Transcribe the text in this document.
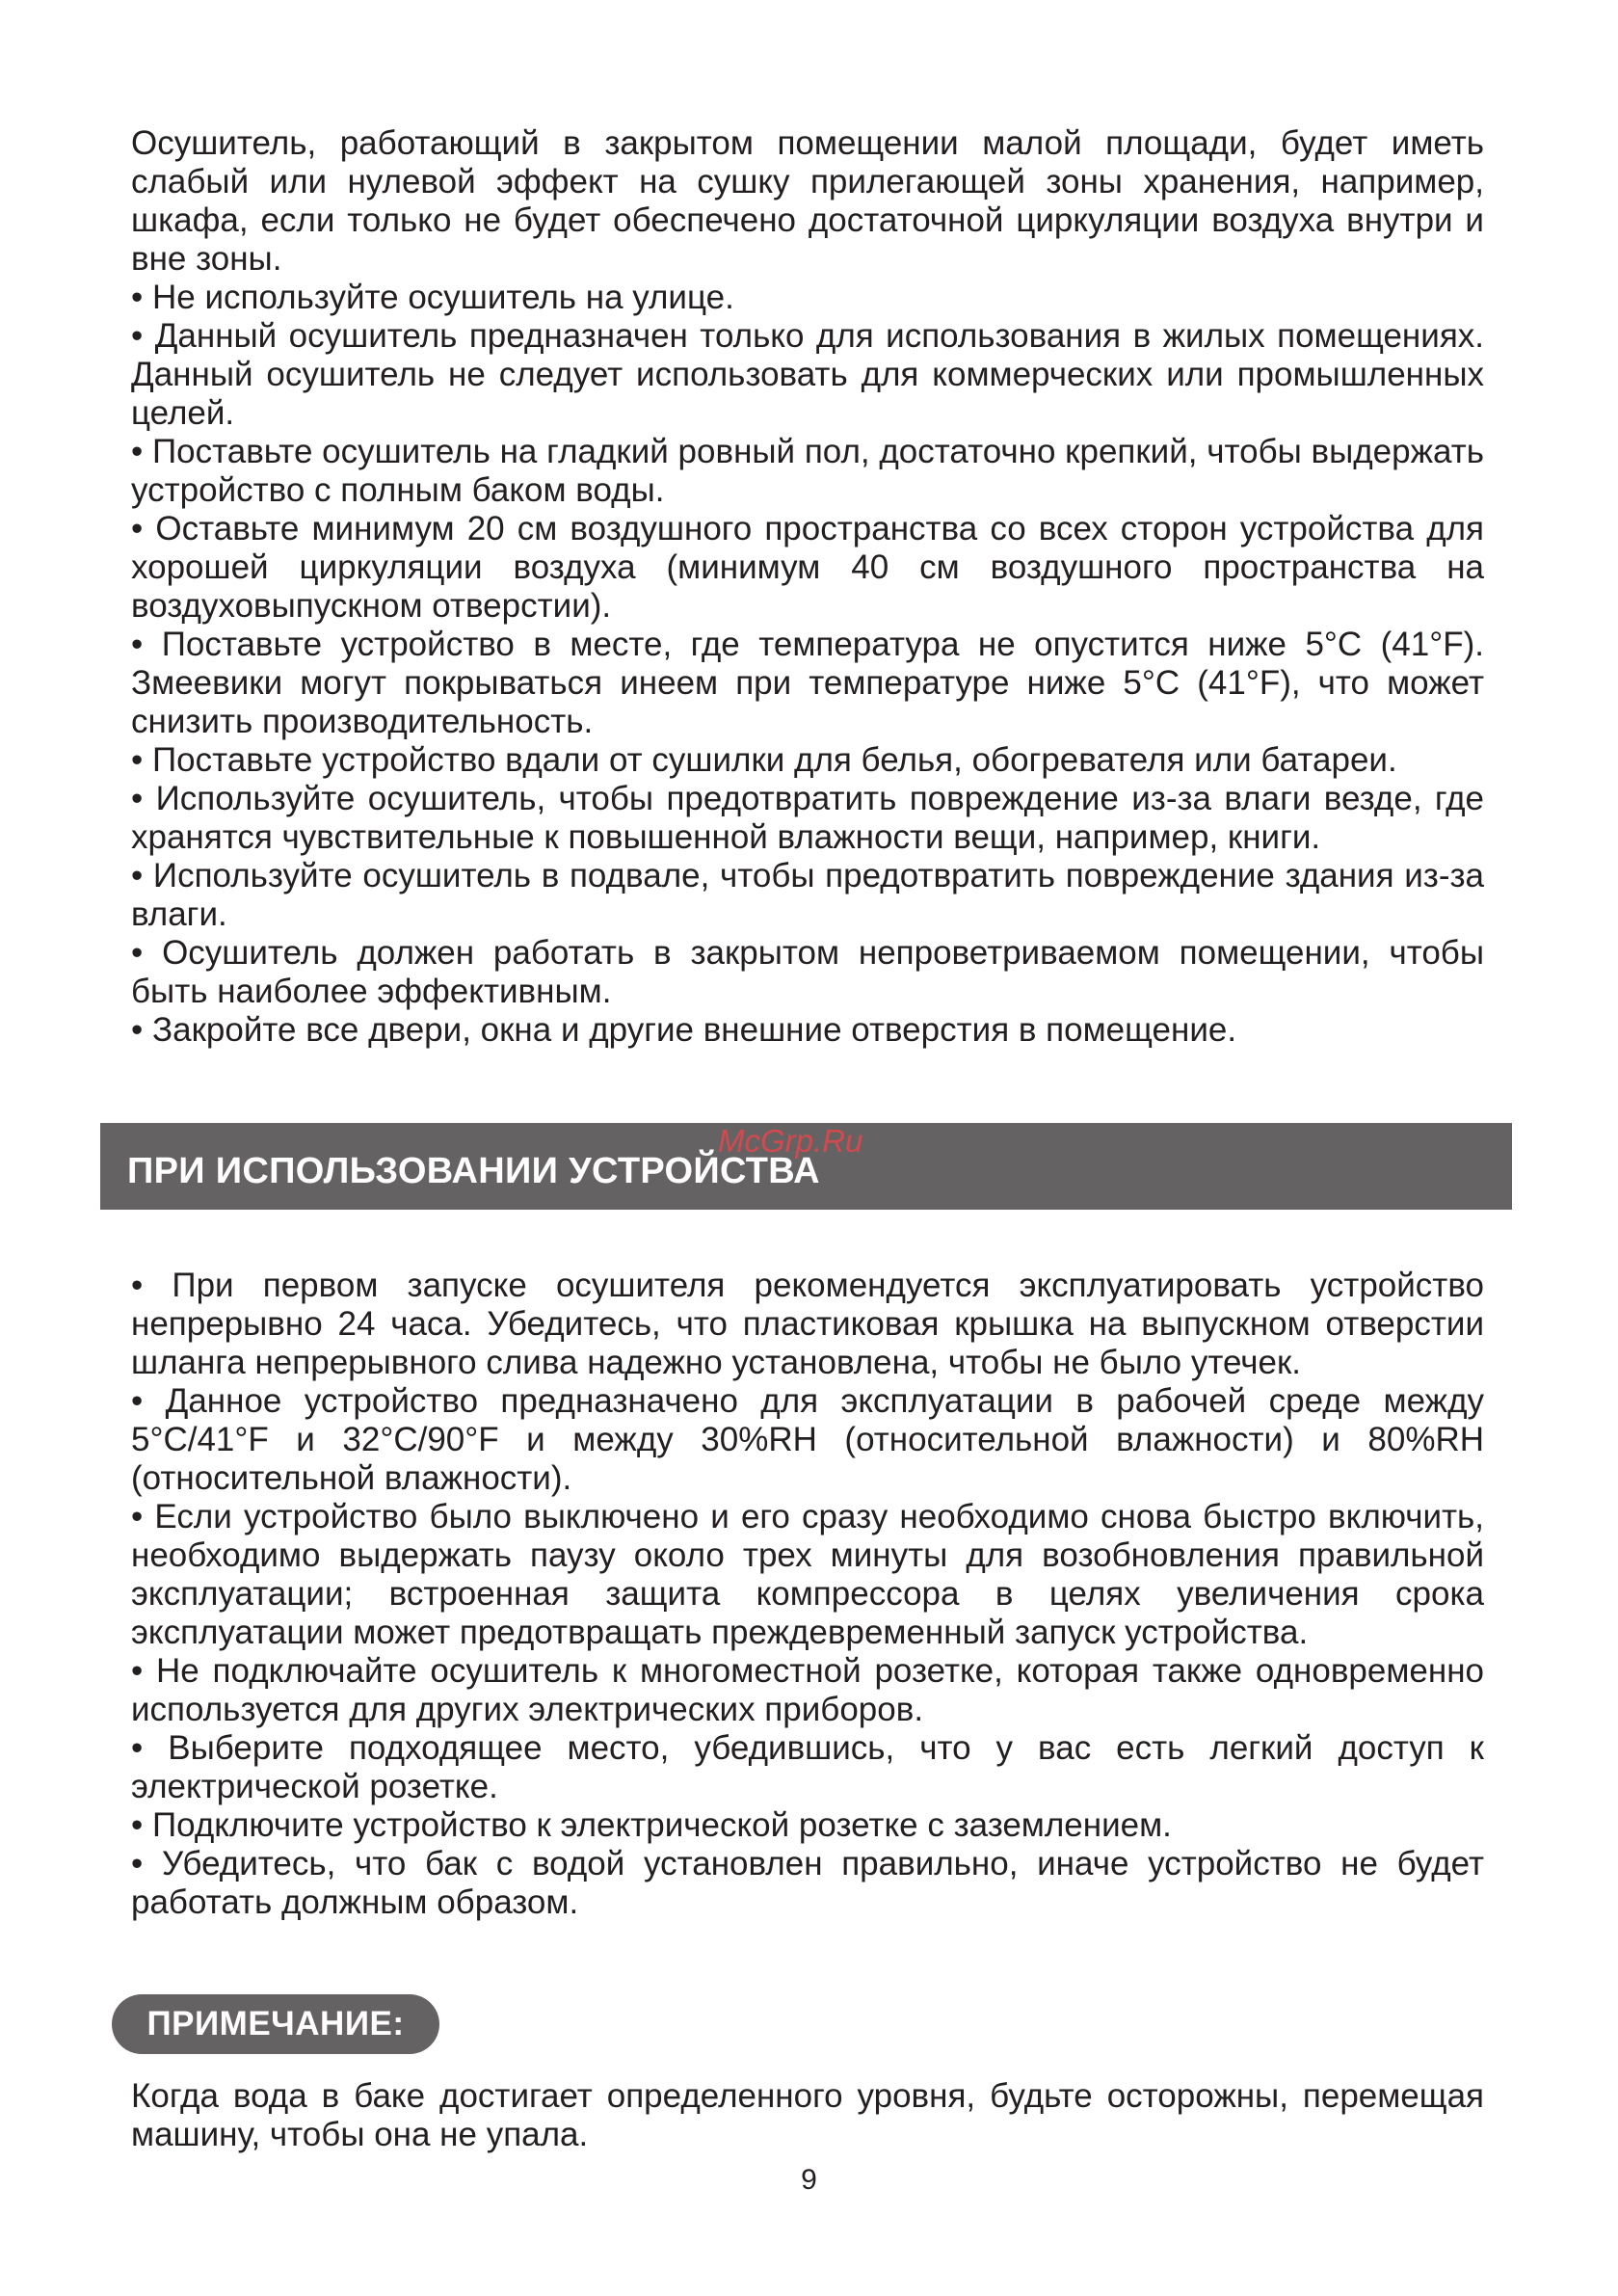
Осушитель, работающий в закрытом помещении малой площади, будет иметь слабый или нулевой эффект на сушку прилегающей зоны хранения, например, шкафа, если только не будет обеспечено достаточной циркуляции воздуха внутри и вне зоны.

• Не используйте осушитель на улице.

• Данный осушитель предназначен только для использования в жилых помещениях. Данный осушитель не следует использовать для коммерческих или промышленных целей.

• Поставьте осушитель на гладкий ровный пол, достаточно крепкий, чтобы выдержать устройство с полным баком воды.

• Оставьте минимум 20 см воздушного пространства со всех сторон устройства для хорошей циркуляции воздуха (минимум 40 см воздушного пространства на воздуховыпускном отверстии).

• Поставьте устройство в месте, где температура не опустится ниже 5°С (41°F). Змеевики могут покрываться инеем при температуре ниже 5°С (41°F), что может снизить производительность.

• Поставьте устройство вдали от сушилки для белья, обогревателя или батареи.

• Используйте осушитель, чтобы предотвратить повреждение из-за влаги везде, где хранятся чувствительные к повышенной влажности вещи, например, книги.

• Используйте осушитель в подвале, чтобы предотвратить повреждение здания из-за влаги.

• Осушитель должен работать в закрытом непроветриваемом помещении, чтобы быть наиболее эффективным.

• Закройте все двери, окна и другие внешние отверстия в помещение.

ПРИ ИСПОЛЬЗОВАНИИ УСТРОЙСТВА
McGrp.Ru

• При первом запуске осушителя рекомендуется эксплуатировать устройство непрерывно 24 часа. Убедитесь, что пластиковая крышка на выпускном отверстии шланга непрерывного слива надежно установлена, чтобы не было утечек.

• Данное устройство предназначено для эксплуатации в рабочей среде между 5°C/41°F и 32°C/90°F и между 30%RH (относительной влажности) и 80%RH (относительной влажности).

• Если устройство было выключено и его сразу необходимо снова быстро включить, необходимо выдержать паузу около трех минуты для возобновления правильной эксплуатации; встроенная защита компрессора в целях увеличения срока эксплуатации может предотвращать преждевременный запуск устройства.

• Не подключайте осушитель к многоместной розетке, которая также одновременно используется для других электрических приборов.

• Выберите подходящее место, убедившись, что у вас есть легкий доступ к электрической розетке.

• Подключите устройство к электрической розетке с заземлением.

• Убедитесь, что бак с водой установлен правильно, иначе устройство не будет работать должным образом.

ПРИМЕЧАНИЕ:

Когда вода в баке достигает определенного уровня, будьте осторожны, перемещая машину, чтобы она не упала.

9
